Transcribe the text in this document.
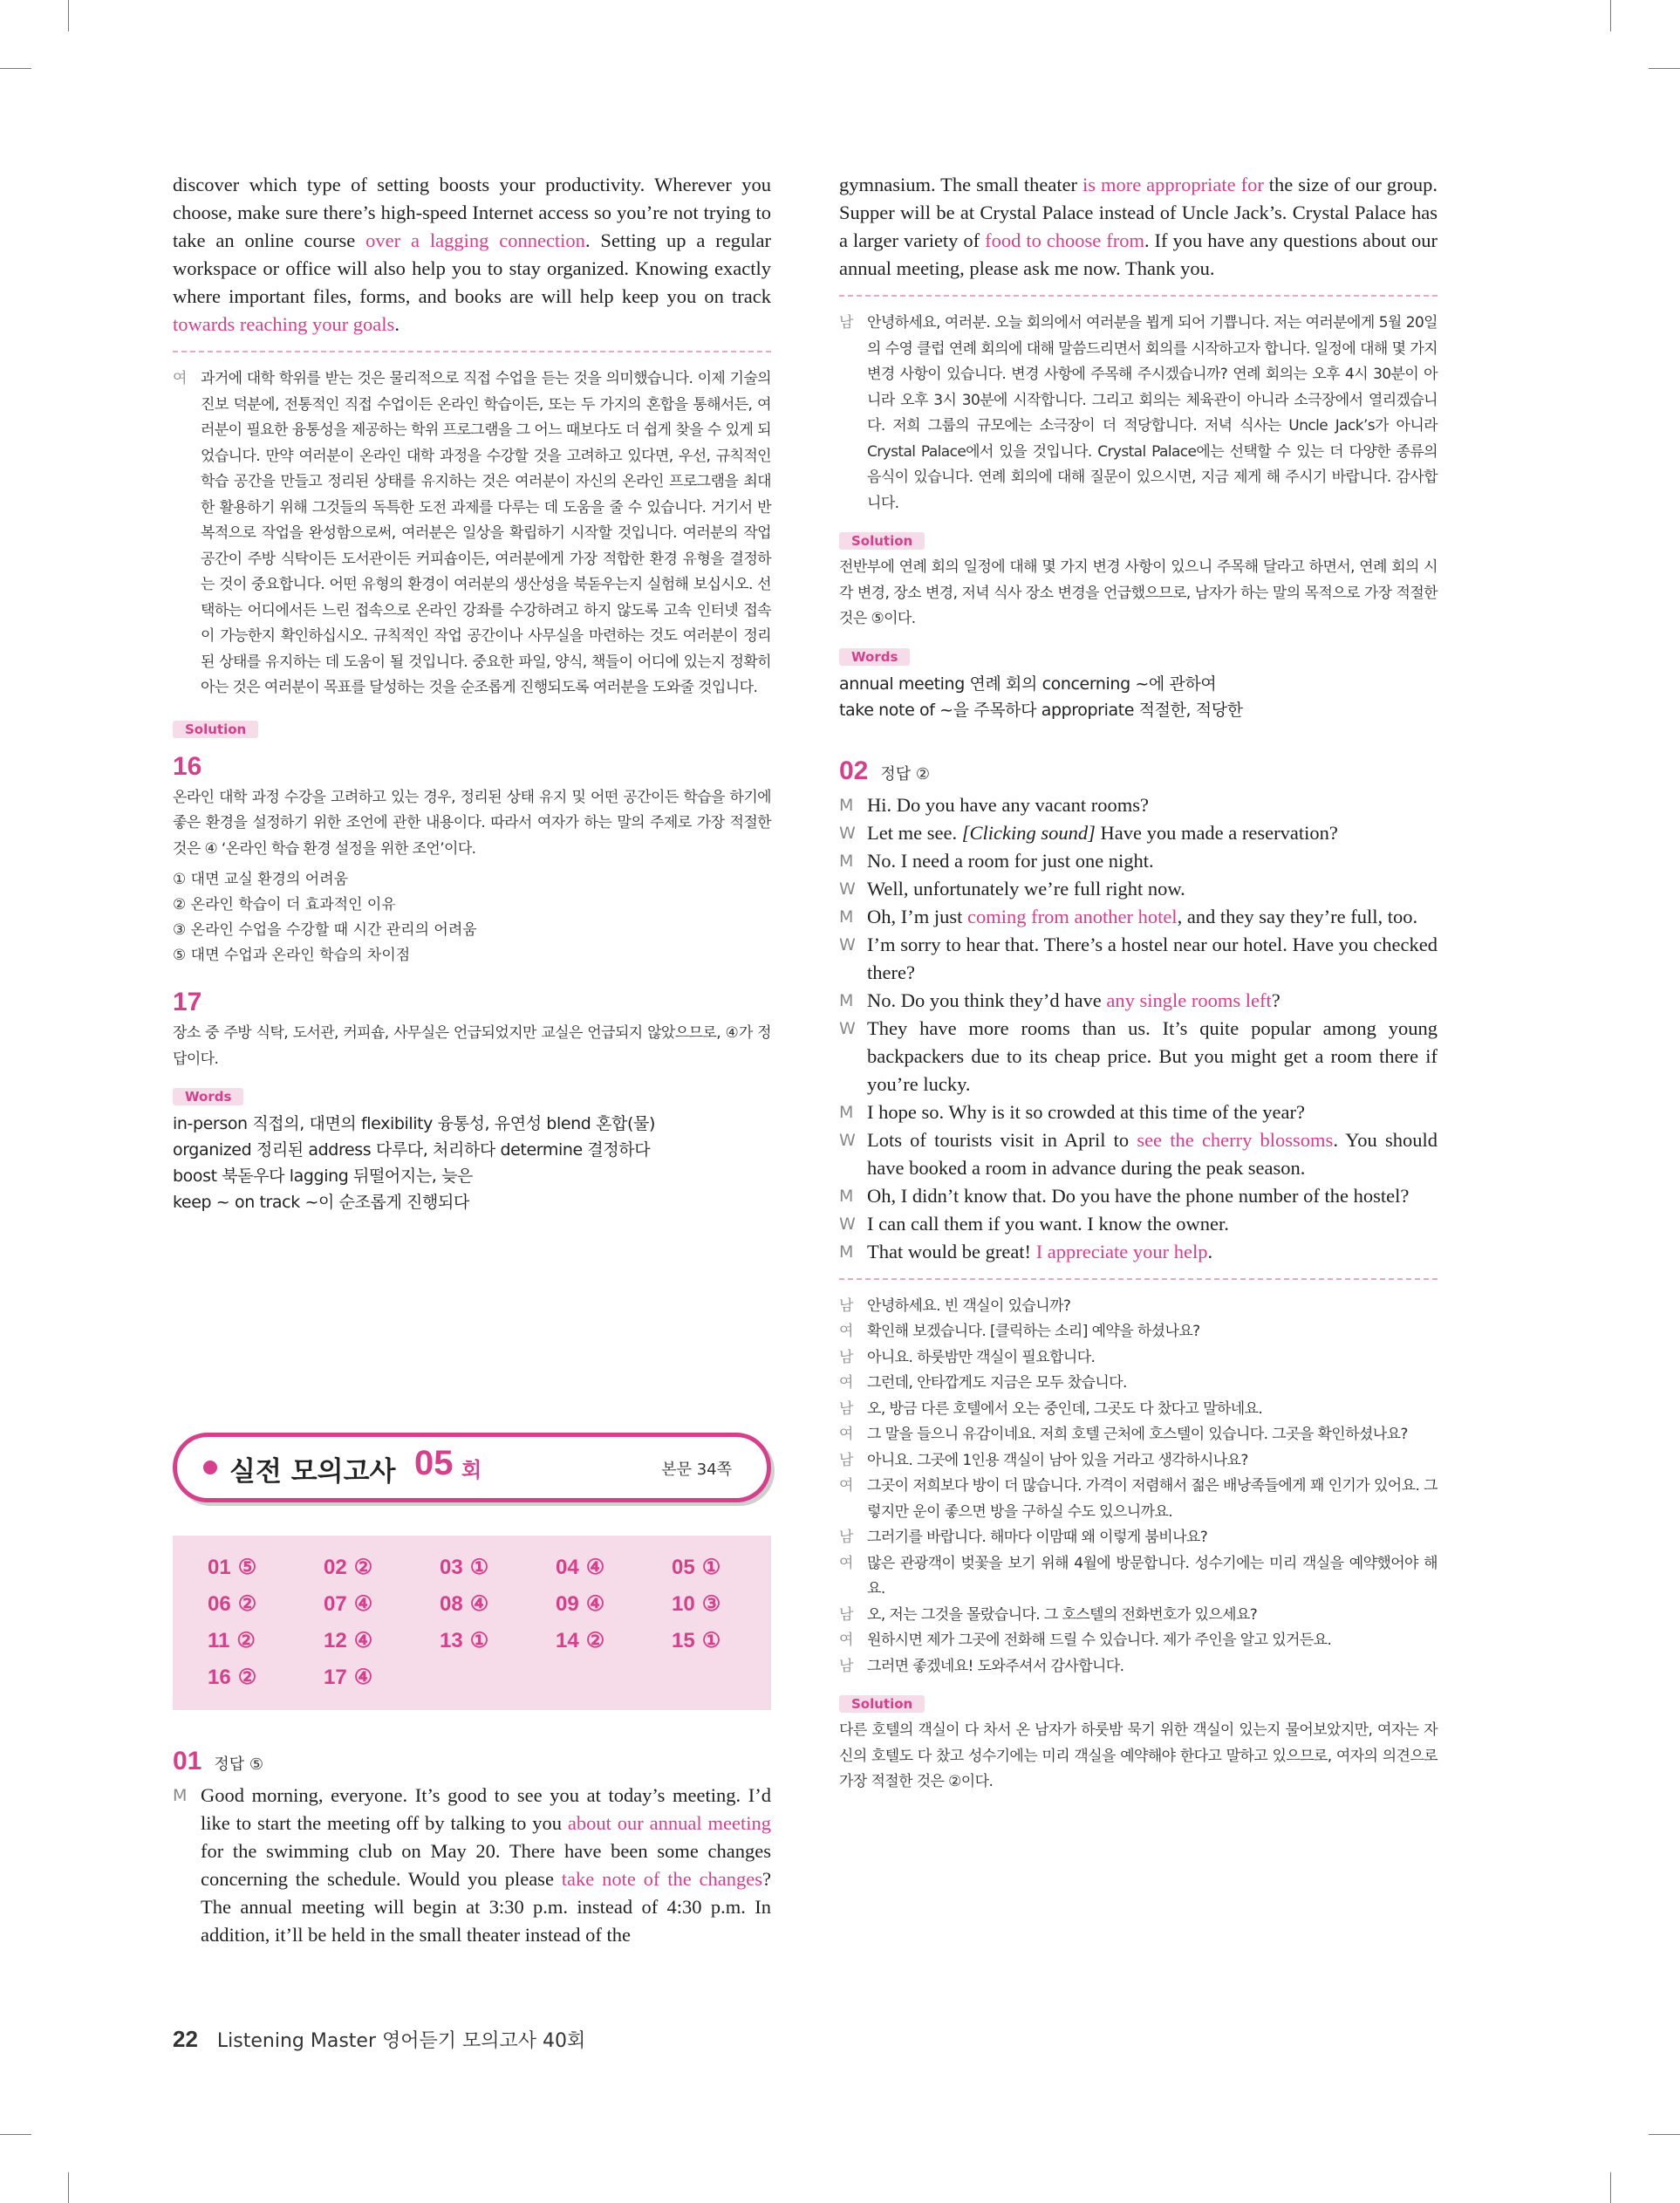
discover which type of setting boosts your productivity. Wherever you choose, make sure there’s high-speed Internet access so you’re not trying to take an online course over a lagging connection. Setting up a regular workspace or office will also help you to stay organized. Knowing exactly where important files, forms, and books are will help keep you on track towards reaching your goals.

여 과거에 대학 학위를 받는 것은 물리적으로 직접 수업을 듣는 것을 의미했습니다. 이제 기술의 진보 덕분에, 전통적인 직접 수업이든 온라인 학습이든, 또는 두 가지의 혼합을 통해서든, 여러분이 필요한 융통성을 제공하는 학위 프로그램을 그 어느 때보다도 더 쉽게 찾을 수 있게 되었습니다. 만약 여러분이 온라인 대학 과정을 수강할 것을 고려하고 있다면, 우선, 규칙적인 학습 공간을 만들고 정리된 상태를 유지하는 것은 여러분이 자신의 온라인 프로그램을 최대한 활용하기 위해 그것들의 독특한 도전 과제를 다루는 데 도움을 줄 수 있습니다. 거기서 반복적으로 작업을 완성함으로써, 여러분은 일상을 확립하기 시작할 것입니다. 여러분의 작업 공간이 주방 식탁이든 도서관이든 커피숍이든, 여러분에게 가장 적합한 환경 유형을 결정하는 것이 중요합니다. 어떤 유형의 환경이 여러분의 생산성을 북돋우는지 실험해 보십시오. 선택하는 어디에서든 느린 접속으로 온라인 강좌를 수강하려고 하지 않도록 고속 인터넷 접속이 가능한지 확인하십시오. 규칙적인 작업 공간이나 사무실을 마련하는 것도 여러분이 정리된 상태를 유지하는 데 도움이 될 것입니다. 중요한 파일, 양식, 책들이 어디에 있는지 정확히 아는 것은 여러분이 목표를 달성하는 것을 순조롭게 진행되도록 여러분을 도와줄 것입니다.

Solution
16

온라인 대학 과정 수강을 고려하고 있는 경우, 정리된 상태 유지 및 어떤 공간이든 학습을 하기에 좋은 환경을 설정하기 위한 조언에 관한 내용이다. 따라서 여자가 하는 말의 주제로 가장 적절한 것은 ④ ‘온라인 학습 환경 설정을 위한 조언’이다.

① 대면 교실 환경의 어려움
② 온라인 학습이 더 효과적인 이유
③ 온라인 수업을 수강할 때 시간 관리의 어려움
⑤ 대면 수업과 온라인 학습의 차이점
17

장소 중 주방 식탁, 도서관, 커피숍, 사무실은 언급되었지만 교실은 언급되지 않았으므로, ④가 정답이다.

Words
in-person 직접의, 대면의 flexibility 융통성, 유연성 blend 혼합(물)
organized 정리된 address 다루다, 처리하다 determine 결정하다
boost 북돋우다 lagging 뒤떨어지는, 늦은
keep ~ on track ~이 순조롭게 진행되다
실전 모의고사 05 회	본문 34쪽
01 ⑤	02 ②	03 ①	04 ④	05 ①
06 ②	07 ④	08 ④	09 ④	10 ③
11 ②	12 ④	13 ①	14 ②	15 ①
16 ②	17 ④
01 정답 ⑤
M Good morning, everyone. It’s good to see you at today’s meeting. I’d like to start the meeting off by talking to you about our annual meeting for the swimming club on May 20. There have been some changes concerning the schedule. Would you please take note of the changes? The annual meeting will begin at 3:30 p.m. instead of 4:30 p.m. In addition, it’ll be held in the small theater instead of the

gymnasium. The small theater is more appropriate for the size of our group. Supper will be at Crystal Palace instead of Uncle Jack’s. Crystal Palace has a larger variety of food to choose from. If you have any questions about our annual meeting, please ask me now. Thank you.

남 안녕하세요, 여러분. 오늘 회의에서 여러분을 뵙게 되어 기쁩니다. 저는 여러분에게 5월 20일의 수영 클럽 연례 회의에 대해 말씀드리면서 회의를 시작하고자 합니다. 일정에 대해 몇 가지 변경 사항이 있습니다. 변경 사항에 주목해 주시겠습니까? 연례 회의는 오후 4시 30분이 아니라 오후 3시 30분에 시작합니다. 그리고 회의는 체육관이 아니라 소극장에서 열리겠습니다. 저희 그룹의 규모에는 소극장이 더 적당합니다. 저녁 식사는 Uncle Jack’s가 아니라 Crystal Palace에서 있을 것입니다. Crystal Palace에는 선택할 수 있는 더 다양한 종류의 음식이 있습니다. 연례 회의에 대해 질문이 있으시면, 지금 제게 해 주시기 바랍니다. 감사합니다.

Solution

전반부에 연례 회의 일정에 대해 몇 가지 변경 사항이 있으니 주목해 달라고 하면서, 연례 회의 시각 변경, 장소 변경, 저녁 식사 장소 변경을 언급했으므로, 남자가 하는 말의 목적으로 가장 적절한 것은 ⑤이다.

Words
annual meeting 연례 회의 concerning ~에 관하여
take note of ~을 주목하다 appropriate 적절한, 적당한
02 정답 ②
M Hi. Do you have any vacant rooms?

W Let me see. [Clicking sound] Have you made a reservation?

M No. I need a room for just one night.

W Well, unfortunately we’re full right now.

M Oh, I’m just coming from another hotel, and they say they’re full, too.

W I’m sorry to hear that. There’s a hostel near our hotel. Have you checked there?

M No. Do you think they’d have any single rooms left?

W They have more rooms than us. It’s quite popular among young backpackers due to its cheap price. But you might get a room there if you’re lucky.

M I hope so. Why is it so crowded at this time of the year?

W Lots of tourists visit in April to see the cherry blossoms. You should have booked a room in advance during the peak season.

M Oh, I didn’t know that. Do you have the phone number of the hostel?

W I can call them if you want. I know the owner.

M That would be great! I appreciate your help.

남 안녕하세요. 빈 객실이 있습니까?

여 확인해 보겠습니다. [클릭하는 소리] 예약을 하셨나요?

남 아니요. 하룻밤만 객실이 필요합니다.

여 그런데, 안타깝게도 지금은 모두 찼습니다.

남 오, 방금 다른 호텔에서 오는 중인데, 그곳도 다 찼다고 말하네요.

여 그 말을 들으니 유감이네요. 저희 호텔 근처에 호스텔이 있습니다. 그곳을 확인하셨나요?

남 아니요. 그곳에 1인용 객실이 남아 있을 거라고 생각하시나요?

여 그곳이 저희보다 방이 더 많습니다. 가격이 저렴해서 젊은 배낭족들에게 꽤 인기가 있어요. 그렇지만 운이 좋으면 방을 구하실 수도 있으니까요.

남 그러기를 바랍니다. 해마다 이맘때 왜 이렇게 붐비나요?

여 많은 관광객이 벚꽃을 보기 위해 4월에 방문합니다. 성수기에는 미리 객실을 예약했어야 해요.

남 오, 저는 그것을 몰랐습니다. 그 호스텔의 전화번호가 있으세요?

여 원하시면 제가 그곳에 전화해 드릴 수 있습니다. 제가 주인을 알고 있거든요.

남 그러면 좋겠네요! 도와주셔서 감사합니다.

Solution

다른 호텔의 객실이 다 차서 온 남자가 하룻밤 묵기 위한 객실이 있는지 물어보았지만, 여자는 자신의 호텔도 다 찼고 성수기에는 미리 객실을 예약해야 한다고 말하고 있으므로, 여자의 의견으로 가장 적절한 것은 ②이다.

22 Listening Master 영어듣기 모의고사 40회
